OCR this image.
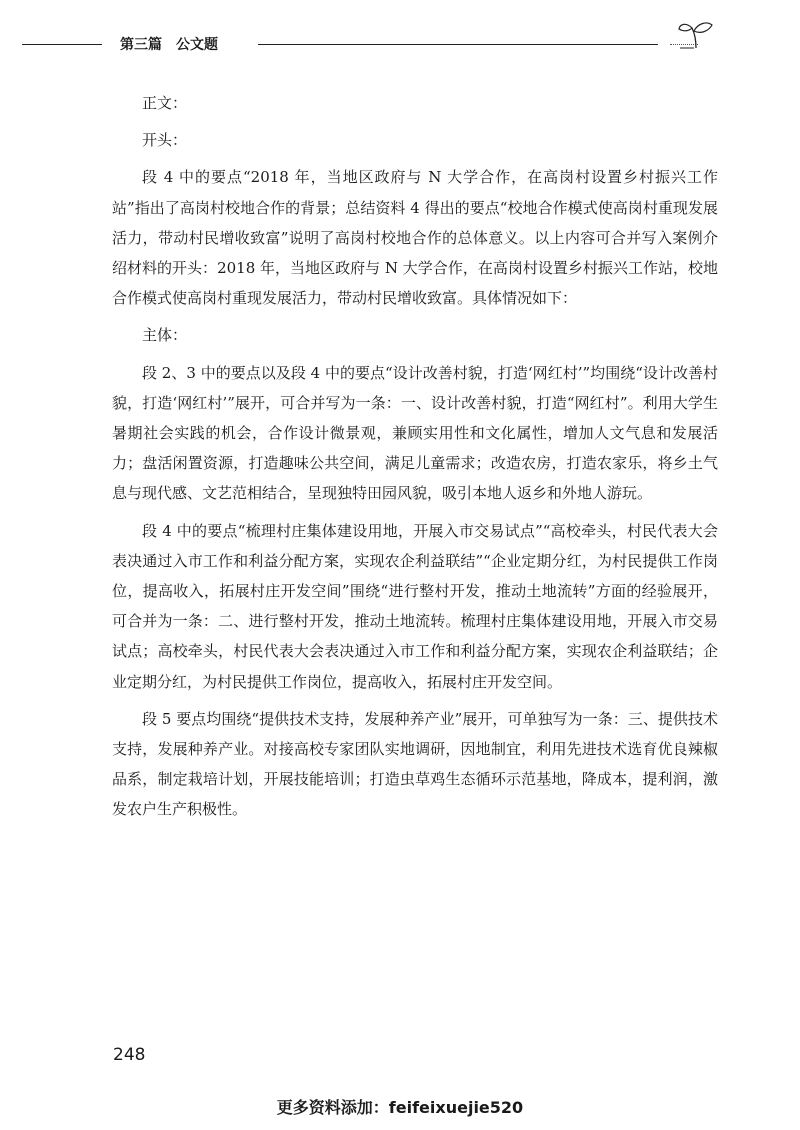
第三篇　公文题

正文：

开头：

段 4 中的要点“2018 年，当地区政府与 N 大学合作，在高岗村设置乡村振兴工作站”指出了高岗村校地合作的背景；总结资料 4 得出的要点“校地合作模式使高岗村重现发展活力，带动村民增收致富”说明了高岗村校地合作的总体意义。以上内容可合并写入案例介绍材料的开头：2018 年，当地区政府与 N 大学合作，在高岗村设置乡村振兴工作站，校地合作模式使高岗村重现发展活力，带动村民增收致富。具体情况如下：

主体：

段 2、3 中的要点以及段 4 中的要点“设计改善村貌，打造‘网红村’”均围绕“设计改善村貌，打造‘网红村’”展开，可合并写为一条：一、设计改善村貌，打造“网红村”。利用大学生暑期社会实践的机会，合作设计微景观，兼顾实用性和文化属性，增加人文气息和发展活力；盘活闲置资源，打造趣味公共空间，满足儿童需求；改造农房，打造农家乐，将乡土气息与现代感、文艺范相结合，呈现独特田园风貌，吸引本地人返乡和外地人游玩。

段 4 中的要点“梳理村庄集体建设用地，开展入市交易试点”“高校牵头，村民代表大会表决通过入市工作和利益分配方案，实现农企利益联结”“企业定期分红，为村民提供工作岗位，提高收入，拓展村庄开发空间”围绕“进行整村开发，推动土地流转”方面的经验展开，可合并为一条：二、进行整村开发，推动土地流转。梳理村庄集体建设用地，开展入市交易试点；高校牵头，村民代表大会表决通过入市工作和利益分配方案，实现农企利益联结；企业定期分红，为村民提供工作岗位，提高收入，拓展村庄开发空间。

段 5 要点均围绕“提供技术支持，发展种养产业”展开，可单独写为一条：三、提供技术支持，发展种养产业。对接高校专家团队实地调研，因地制宜，利用先进技术选育优良辣椒品系，制定栽培计划，开展技能培训；打造虫草鸡生态循环示范基地，降成本，提利润，激发农户生产积极性。

248
更多资料添加：feifeixuejie520
